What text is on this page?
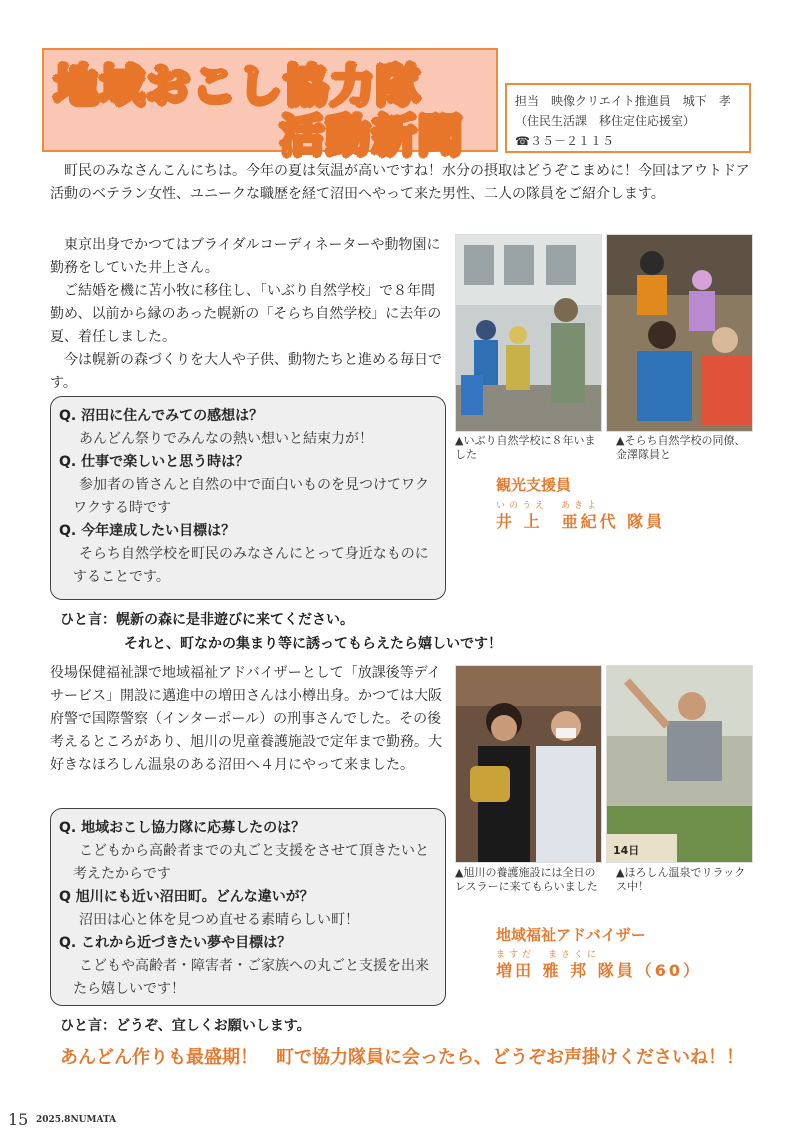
地域おこし協力隊
活動新聞
担当　映像クリエイト推進員　城下　孝
（住民生活課　移住定住応援室）
☎３５－２１１５

　町民のみなさんこんにちは。今年の夏は気温が高いですね！水分の摂取はどうぞこまめに！今回はアウトドア活動のベテラン女性、ユニークな職歴を経て沼田へやって来た男性、二人の隊員をご紹介します。

　東京出身でかつてはブライダルコーディネーターや動物園に勤務をしていた井上さん。

　ご結婚を機に苫小牧に移住し、「いぶり自然学校」で８年間勤め、以前から縁のあった幌新の「そらち自然学校」に去年の夏、着任しました。

　今は幌新の森づくりを大人や子供、動物たちと進める毎日です。

Q. 沼田に住んでみての感想は？

あんどん祭りでみんなの熱い想いと結束力が！

Q. 仕事で楽しいと思う時は？

参加者の皆さんと自然の中で面白いものを見つけてワクワクする時です

Q. 今年達成したい目標は？

そらち自然学校を町民のみなさんにとって身近なものにすることです。

▲いぶり自然学校に８年いました
▲そらち自然学校の同僚、金澤隊員と
観光支援員
いのうえ　あきよ
井 上　亜紀代 隊員
ひと言：幌新の森に是非遊びに来てください。
それと、町なかの集まり等に誘ってもらえたら嬉しいです！

役場保健福祉課で地域福祉アドバイザーとして「放課後等デイサービス」開設に邁進中の増田さんは小樽出身。かつては大阪府警で国際警察（インターポール）の刑事さんでした。その後考えるところがあり、旭川の児童養護施設で定年まで勤務。大好きなほろしん温泉のある沼田へ４月にやって来ました。

Q. 地域おこし協力隊に応募したのは？

こどもから高齢者までの丸ごと支援をさせて頂きたいと考えたからです

Q 旭川にも近い沼田町。どんな違いが？

沼田は心と体を見つめ直せる素晴らしい町！

Q. これから近づきたい夢や目標は？

こどもや高齢者・障害者・ご家族への丸ごと支援を出来たら嬉しいです！

14日
▲旭川の養護施設には全日のレスラーに来てもらいました
▲ほろしん温泉でリラックス中！
地域福祉アドバイザー
ますだ　まさくに
増田 雅 邦 隊員（60）
ひと言：どうぞ、宜しくお願いします。
あんどん作りも最盛期！　町で協力隊員に会ったら、どうぞお声掛けくださいね！！
15 2025.8NUMATA
